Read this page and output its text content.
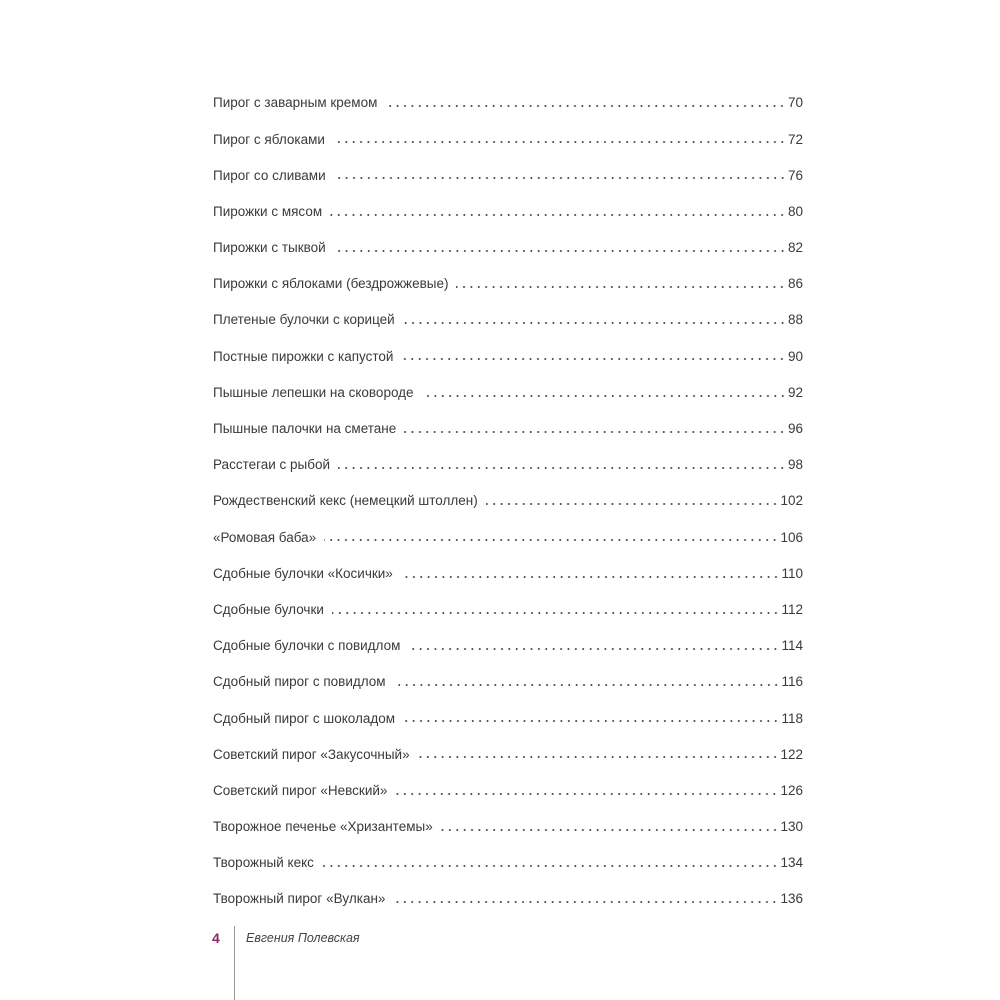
Пирог с заварным кремом	70
Пирог с яблоками	72
Пирог со сливами	76
Пирожки с мясом	80
Пирожки с тыквой	82
Пирожки с яблоками (бездрожжевые)	86
Плетеные булочки с корицей	88
Постные пирожки с капустой	90
Пышные лепешки на сковороде	92
Пышные палочки на сметане	96
Расстегаи с рыбой	98
Рождественский кекс (немецкий штоллен)	102
«Ромовая баба»	106
Сдобные булочки «Косички»	110
Сдобные булочки	112
Сдобные булочки с повидлом	114
Сдобный пирог с повидлом	116
Сдобный пирог с шоколадом	118
Советский пирог «Закусочный»	122
Советский пирог «Невский»	126
Творожное печенье «Хризантемы»	130
Творожный кекс	134
Творожный пирог «Вулкан»	136
4 Евгения Полевская
